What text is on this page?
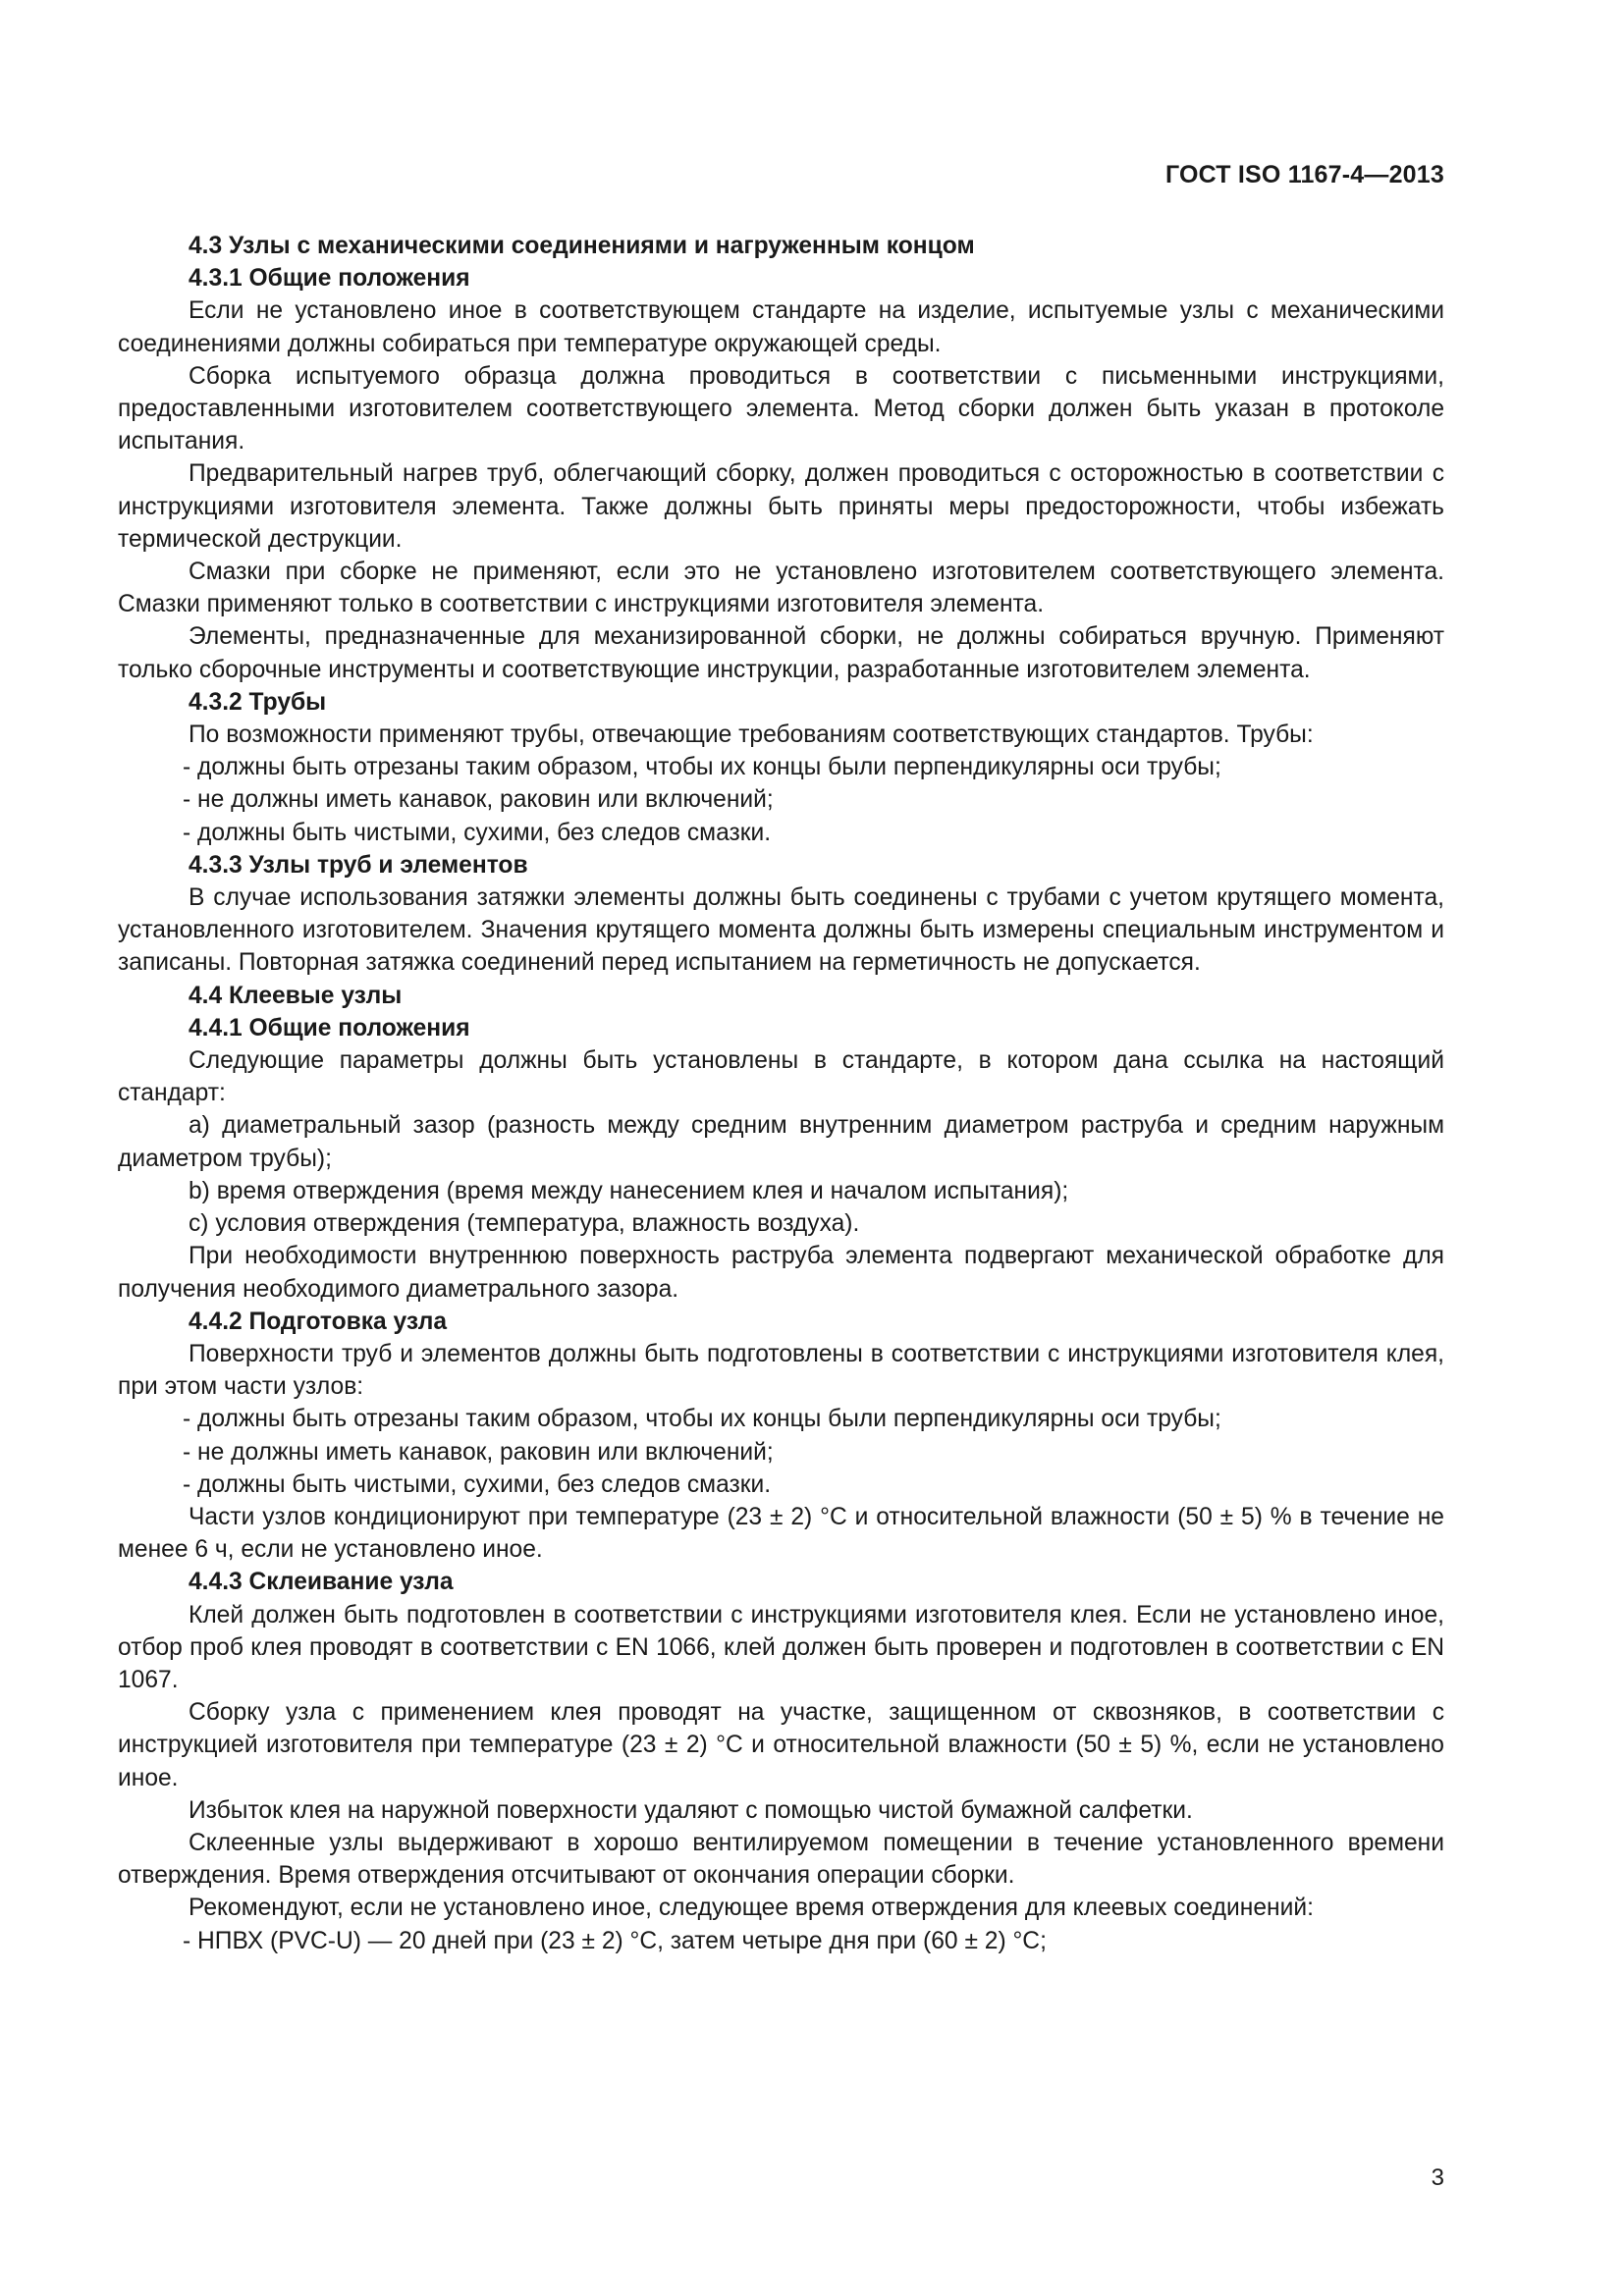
ГОСТ ISO 1167-4—2013

4.3 Узлы с механическими соединениями и нагруженным концом

4.3.1 Общие положения

Если не установлено иное в соответствующем стандарте на изделие, испытуемые узлы с механическими соединениями должны собираться при температуре окружающей среды.

Сборка испытуемого образца должна проводиться в соответствии с письменными инструкциями, предоставленными изготовителем соответствующего элемента. Метод сборки должен быть указан в протоколе испытания.

Предварительный нагрев труб, облегчающий сборку, должен проводиться с осторожностью в соответствии с инструкциями изготовителя элемента. Также должны быть приняты меры предосторожности, чтобы избежать термической деструкции.

Смазки при сборке не применяют, если это не установлено изготовителем соответствующего элемента. Смазки применяют только в соответствии с инструкциями изготовителя элемента.

Элементы, предназначенные для механизированной сборки, не должны собираться вручную. Применяют только сборочные инструменты и соответствующие инструкции, разработанные изготовителем элемента.

4.3.2 Трубы

По возможности применяют трубы, отвечающие требованиям соответствующих стандартов. Трубы:

- должны быть отрезаны таким образом, чтобы их концы были перпендикулярны оси трубы;

- не должны иметь канавок, раковин или включений;

- должны быть чистыми, сухими, без следов смазки.

4.3.3 Узлы труб и элементов

В случае использования затяжки элементы должны быть соединены с трубами с учетом крутящего момента, установленного изготовителем. Значения крутящего момента должны быть измерены специальным инструментом и записаны. Повторная затяжка соединений перед испытанием на герметичность не допускается.

4.4 Клеевые узлы

4.4.1 Общие положения

Следующие параметры должны быть установлены в стандарте, в котором дана ссылка на настоящий стандарт:

a) диаметральный зазор (разность между средним внутренним диаметром раструба и средним наружным диаметром трубы);

b) время отверждения (время между нанесением клея и началом испытания);

c) условия отверждения (температура, влажность воздуха).

При необходимости внутреннюю поверхность раструба элемента подвергают механической обработке для получения необходимого диаметрального зазора.

4.4.2 Подготовка узла

Поверхности труб и элементов должны быть подготовлены в соответствии с инструкциями изготовителя клея, при этом части узлов:

- должны быть отрезаны таким образом, чтобы их концы были перпендикулярны оси трубы;

- не должны иметь канавок, раковин или включений;

- должны быть чистыми, сухими, без следов смазки.

Части узлов кондиционируют при температуре (23 ± 2) °С и относительной влажности (50 ± 5) % в течение не менее 6 ч, если не установлено иное.

4.4.3 Склеивание узла

Клей должен быть подготовлен в соответствии с инструкциями изготовителя клея. Если не установлено иное, отбор проб клея проводят в соответствии с EN 1066, клей должен быть проверен и подготовлен в соответствии с EN 1067.

Сборку узла с применением клея проводят на участке, защищенном от сквозняков, в соответствии с инструкцией изготовителя при температуре (23 ± 2) °С и относительной влажности (50 ± 5) %, если не установлено иное.

Избыток клея на наружной поверхности удаляют с помощью чистой бумажной салфетки.

Склеенные узлы выдерживают в хорошо вентилируемом помещении в течение установленного времени отверждения. Время отверждения отсчитывают от окончания операции сборки.

Рекомендуют, если не установлено иное, следующее время отверждения для клеевых соединений:

- НПВХ (PVC-U) — 20 дней при (23 ± 2) °С, затем четыре дня при (60 ± 2) °С;

3
